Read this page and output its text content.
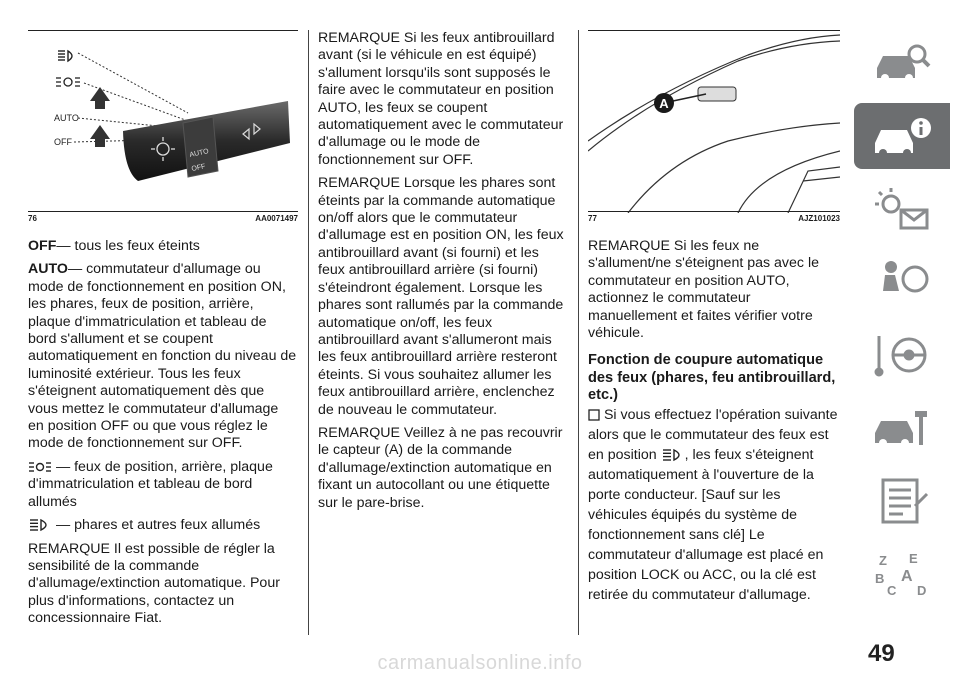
AUTO
OFF
AUTO
OFF
76	AA0071497

OFF— tous les feux éteints

AUTO— commutateur d'allumage ou mode de fonctionnement en position ON, les phares, feux de position, arrière, plaque d'immatriculation et tableau de bord s'allument et se coupent automatiquement en fonction du niveau de luminosité extérieur. Tous les feux s'éteignent automatiquement dès que vous mettez le commutateur d'allumage en position OFF ou que vous réglez le mode de fonctionnement sur OFF.

— feux de position, arrière, plaque d'immatriculation et tableau de bord allumés

— phares et autres feux allumés

REMARQUE Il est possible de régler la sensibilité de la commande d'allumage/extinction automatique. Pour plus d'informations, contactez un concessionnaire Fiat.

REMARQUE Si les feux antibrouillard avant (si le véhicule en est équipé) s'allument lorsqu'ils sont supposés le faire avec le commutateur en position AUTO, les feux se coupent automatiquement avec le commutateur d'allumage ou le mode de fonctionnement sur OFF.

REMARQUE Lorsque les phares sont éteints par la commande automatique on/off alors que le commutateur d'allumage est en position ON, les feux antibrouillard avant (si fourni) et les feux antibrouillard arrière (si fourni) s'éteindront également. Lorsque les phares sont rallumés par la commande automatique on/off, les feux antibrouillard avant s'allumeront mais les feux antibrouillard arrière resteront éteints. Si vous souhaitez allumer les feux antibrouillard arrière, enclenchez de nouveau le commutateur.

REMARQUE Veillez à ne pas recouvrir le capteur (A) de la commande d'allumage/extinction automatique en fixant un autocollant ou une étiquette sur le pare-brise.

A
77	AJZ101023

REMARQUE Si les feux ne s'allument/ne s'éteignent pas avec le commutateur en position AUTO, actionnez le commutateur manuellement et faites vérifier votre véhicule.

Fonction de coupure automatique des feux (phares, feu antibrouillard, etc.)

Si vous effectuez l'opération suivante alors que le commutateur des feux est en position , les feux s'éteignent automatiquement à l'ouverture de la porte conducteur. [Sauf sur les véhicules équipés du système de fonctionnement sans clé] Le commutateur d'allumage est placé en position LOCK ou ACC, ou la clé est retirée du commutateur d'allumage.

Z E
B A
C D
49
carmanualsonline.info
